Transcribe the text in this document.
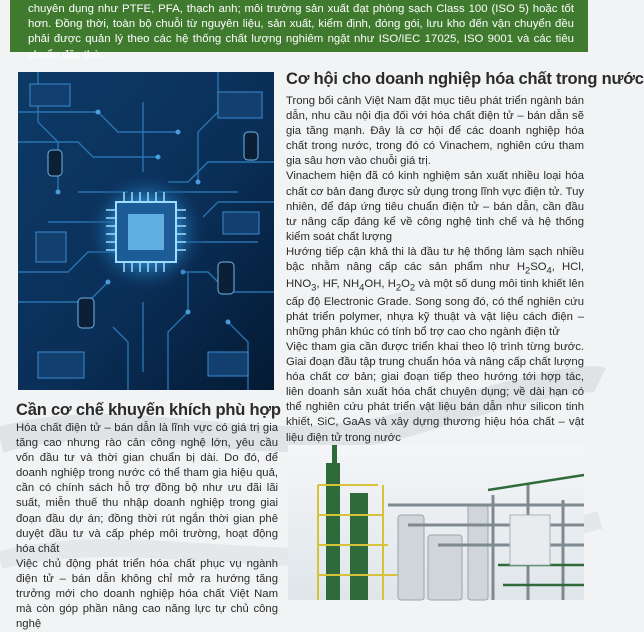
chuyên dụng như PTFE, PFA, thạch anh; môi trường sản xuất đạt phòng sạch Class 100 (ISO 5) hoặc tốt hơn. Đồng thời, toàn bộ chuỗi từ nguyên liệu, sản xuất, kiểm định, đóng gói, lưu kho đến vận chuyển đều phải được quản lý theo các hệ thống chất lượng nghiêm ngặt như ISO/IEC 17025, ISO 9001 và các tiêu chuẩn đặc thù.
Cơ hội cho doanh nghiệp hóa chất trong nước

Trong bối cảnh Việt Nam đặt mục tiêu phát triển ngành bán dẫn, nhu cầu nội địa đối với hóa chất điện tử – bán dẫn sẽ gia tăng mạnh. Đây là cơ hội để các doanh nghiệp hóa chất trong nước, trong đó có Vinachem, nghiên cứu tham gia sâu hơn vào chuỗi giá trị.

Vinachem hiện đã có kinh nghiệm sản xuất nhiều loại hóa chất cơ bản đang được sử dụng trong lĩnh vực điện tử. Tuy nhiên, để đáp ứng tiêu chuẩn điện tử – bán dẫn, cần đầu tư nâng cấp đáng kể về công nghệ tinh chế và hệ thống kiểm soát chất lượng

Hướng tiếp cận khả thi là đầu tư hệ thống làm sạch nhiều bậc nhằm nâng cấp các sản phẩm như $H_2SO_4$, HCl, $HNO_3$, HF, $NH_4OH$, $H_2O_2$ và một số dung môi tinh khiết lên cấp độ Electronic Grade. Song song đó, có thể nghiên cứu phát triển polymer, nhựa kỹ thuật và vật liệu cách điện – những phân khúc có tính bổ trợ cao cho ngành điện tử

Việc tham gia cần được triển khai theo lộ trình từng bước. Giai đoạn đầu tập trung chuẩn hóa và nâng cấp chất lượng hóa chất cơ bản; giai đoạn tiếp theo hướng tới hợp tác, liên doanh sản xuất hóa chất chuyên dụng; về dài hạn có thể nghiên cứu phát triển vật liệu bán dẫn như silicon tinh khiết, SiC, GaAs và xây dựng thương hiệu hóa chất – vật liệu điện tử trong nước

Cần cơ chế khuyến khích phù hợp

Hóa chất điện tử – bán dẫn là lĩnh vực có giá trị gia tăng cao nhưng rào cản công nghệ lớn, yêu cầu vốn đầu tư và thời gian chuẩn bị dài. Do đó, để doanh nghiệp trong nước có thể tham gia hiệu quả, cần có chính sách hỗ trợ đồng bộ như ưu đãi lãi suất, miễn thuế thu nhập doanh nghiệp trong giai đoạn đầu dự án; đồng thời rút ngắn thời gian phê duyệt đầu tư và cấp phép môi trường, hoạt động hóa chất

Việc chủ động phát triển hóa chất phục vụ ngành điện tử – bán dẫn không chỉ mở ra hướng tăng trưởng mới cho doanh nghiệp hóa chất Việt Nam mà còn góp phần nâng cao năng lực tự chủ công nghệ
